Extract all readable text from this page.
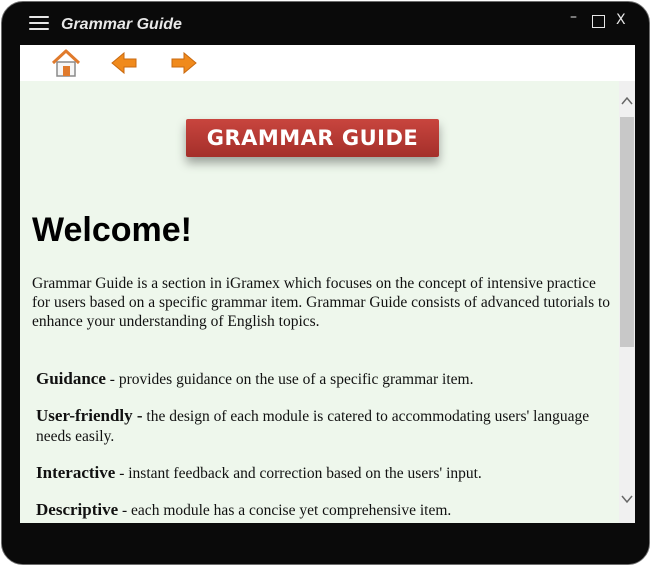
Grammar Guide	–	X
GRAMMAR GUIDE
Welcome!

Grammar Guide is a section in iGramex which focuses on the concept of intensive practice for users based on a specific grammar item. Grammar Guide consists of advanced tutorials to enhance your understanding of English topics.

Guidance - provides guidance on the use of a specific grammar item.
User-friendly - the design of each module is catered to accommodating users' language needs easily.
Interactive - instant feedback and correction based on the users' input.
Descriptive - each module has a concise yet comprehensive item.
